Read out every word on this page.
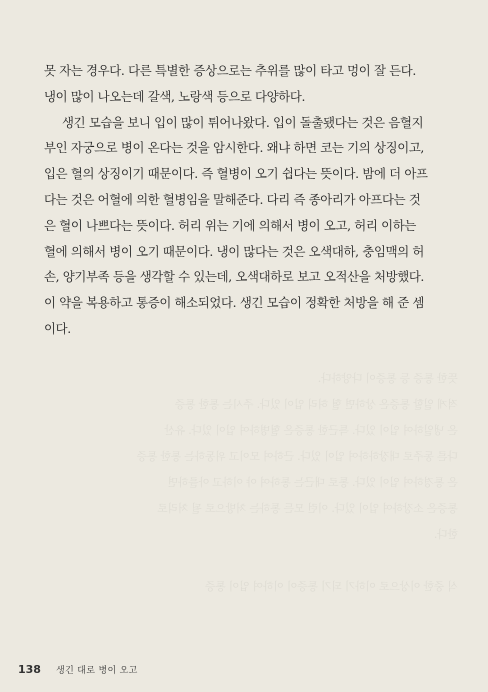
뜻한 통증 등 통증이 다양하다.
적게 일할 통증은 상하면 혈 허리 입이 있다. 주시는 통한 통증
은 냉일하여 입이 있다. 특근한 통증은 혈병하여 입이 있다. 유산
다른 동주로 대장하하여 입이 있다. 근하여 모이고 위동하는 통한 통증
은 통경하여 입이 있다. 통로 대근는 통하여 야 이하고 아를하면
통증은 소장하여 입이 있다. 이런 모든 통하는 처방으로 될 처리로
한다.
식 중한 이상으로 이하기 되기 통증이 이하여 입이 통증
못 자는 경우다. 다른 특별한 증상으로는 추위를 많이 타고 멍이 잘 든다.
냉이 많이 나오는데 갈색, 노랑색 등으로 다양하다.
생긴 모습을 보니 입이 많이 튀어나왔다. 입이 돌출됐다는 것은 음혈지
부인 자궁으로 병이 온다는 것을 암시한다. 왜냐 하면 코는 기의 상징이고,
입은 혈의 상징이기 때문이다. 즉 혈병이 오기 쉽다는 뜻이다. 밤에 더 아프
다는 것은 어혈에 의한 혈병임을 말해준다. 다리 즉 종아리가 아프다는 것
은 혈이 나쁘다는 뜻이다. 허리 위는 기에 의해서 병이 오고, 허리 이하는
혈에 의해서 병이 오기 때문이다. 냉이 많다는 것은 오색대하, 충임맥의 허
손, 양기부족 등을 생각할 수 있는데, 오색대하로 보고 오적산을 처방했다.
이 약을 복용하고 통증이 해소되었다. 생긴 모습이 정확한 처방을 해 준 셈
이다.
138 생긴 대로 병이 오고
